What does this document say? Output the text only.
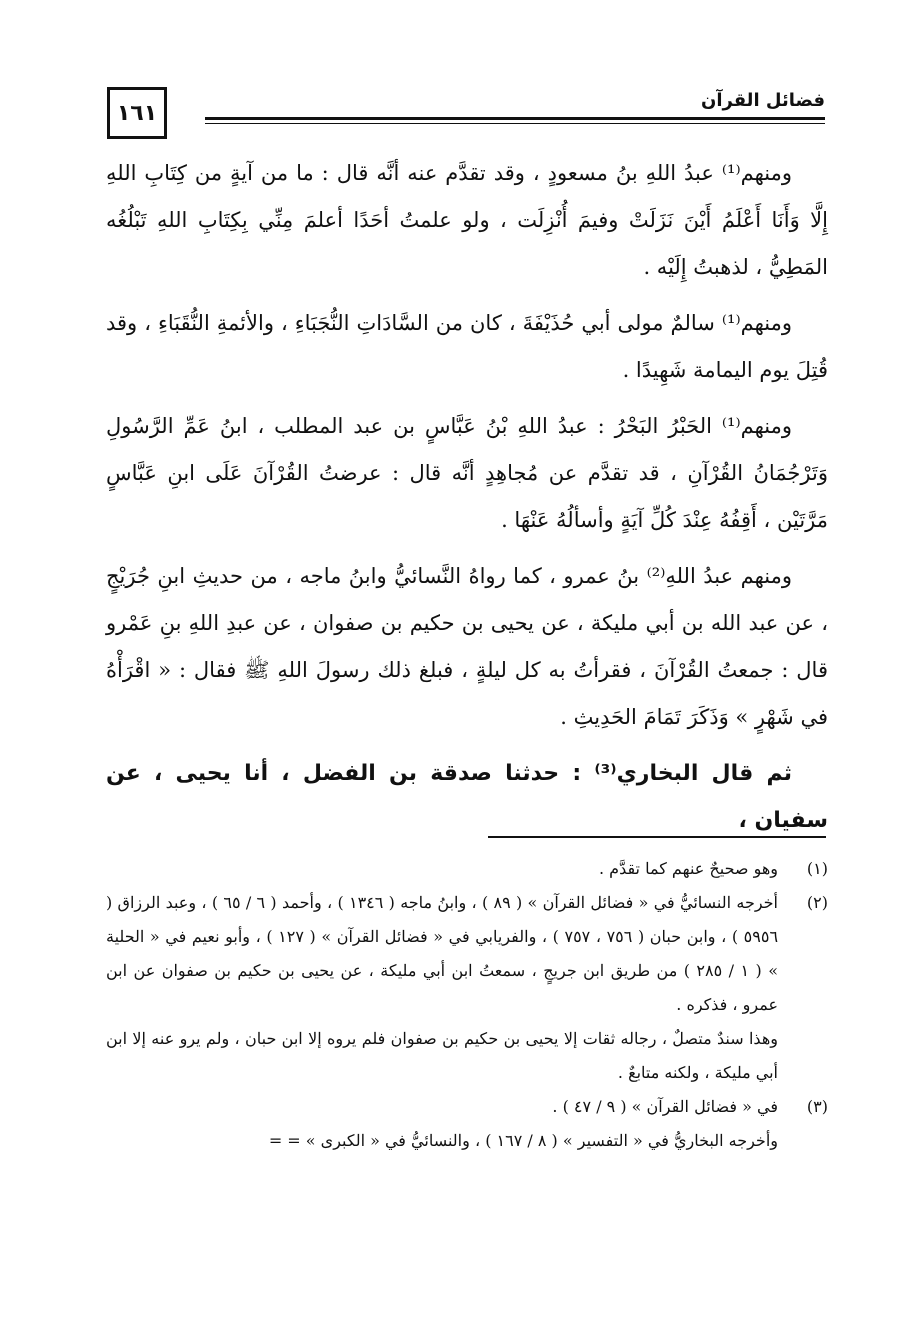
١٦١	فضائل القرآن

ومنهم⁽¹⁾ عبدُ اللهِ بنُ مسعودٍ ، وقد تقدَّم عنه أنَّه قال : ما من آيةٍ من كِتَابِ اللهِ إِلَّا وَأَنَا أَعْلَمُ أَيْنَ نَزَلَتْ وفيمَ أُنْزِلَت ، ولو علمتُ أحَدًا أعلمَ مِنِّي بِكِتَابِ اللهِ تَبْلُغُه المَطِيُّ ، لذهبتُ إِلَيْه .

ومنهم⁽¹⁾ سالمٌ مولى أبي حُذَيْفَةَ ، كان من السَّادَاتِ النُّجَبَاءِ ، والأئمةِ النُّقَبَاءِ ، وقد قُتِلَ يوم اليمامة شَهِيدًا .

ومنهم⁽¹⁾ الحَبْرُ البَحْرُ : عبدُ اللهِ بْنُ عَبَّاسٍ بن عبد المطلب ، ابنُ عَمِّ الرَّسُولِ وَتَرْجُمَانُ القُرْآنِ ، قد تقدَّم عن مُجاهِدٍ أنَّه قال : عرضتُ القُرْآنَ عَلَى ابنِ عَبَّاسٍ مَرَّتَيْن ، أَقِفُهُ عِنْدَ كُلِّ آيَةٍ وأسألُهُ عَنْهَا .

ومنهم عبدُ اللهِ⁽²⁾ بنُ عمرو ، كما رواهُ النَّسائيُّ وابنُ ماجه ، من حديثِ ابنِ جُرَيْجٍ ، عن عبد الله بن أبي مليكة ، عن يحيى بن حكيم بن صفوان ، عن عبدِ اللهِ بنِ عَمْرو قال : جمعتُ القُرْآنَ ، فقرأتُ به كل ليلةٍ ، فبلغ ذلك رسولَ اللهِ ﷺ فقال : « اقْرَأْهُ في شَهْرٍ » وَذَكَرَ تَمَامَ الحَدِيثِ .

ثم قال البخاري⁽³⁾ : حدثنا صدقة بن الفضل ، أنا يحيى ، عن سفيان ،

(١)

وهو صحيحٌ عنهم كما تقدَّم .

(٢)

أخرجه النسائيُّ في « فضائل القرآن » ( ٨٩ ) ، وابنُ ماجه ( ١٣٤٦ ) ، وأحمد ( ٦ / ٦٥ ) ، وعبد الرزاق ( ٥٩٥٦ ) ، وابن حبان ( ٧٥٦ ، ٧٥٧ ) ، والفريابي في « فضائل القرآن » ( ١٢٧ ) ، وأبو نعيم في « الحلية » ( ١ / ٢٨٥ ) من طريق ابن جريجٍ ، سمعتُ ابن أبي مليكة ، عن يحيى بن حكيم بن صفوان عن ابن عمرو ، فذكره .

وهذا سندٌ متصلٌ ، رجاله ثقات إلا يحيى بن حكيم بن صفوان فلم يروه إلا ابن حبان ، ولم يرو عنه إلا ابن أبي مليكة ، ولكنه متابعٌ .

(٣)

في « فضائل القرآن » ( ٩ / ٤٧ ) .

وأخرجه البخاريُّ في « التفسير » ( ٨ / ١٦٧ ) ، والنسائيُّ في « الكبرى » = =
